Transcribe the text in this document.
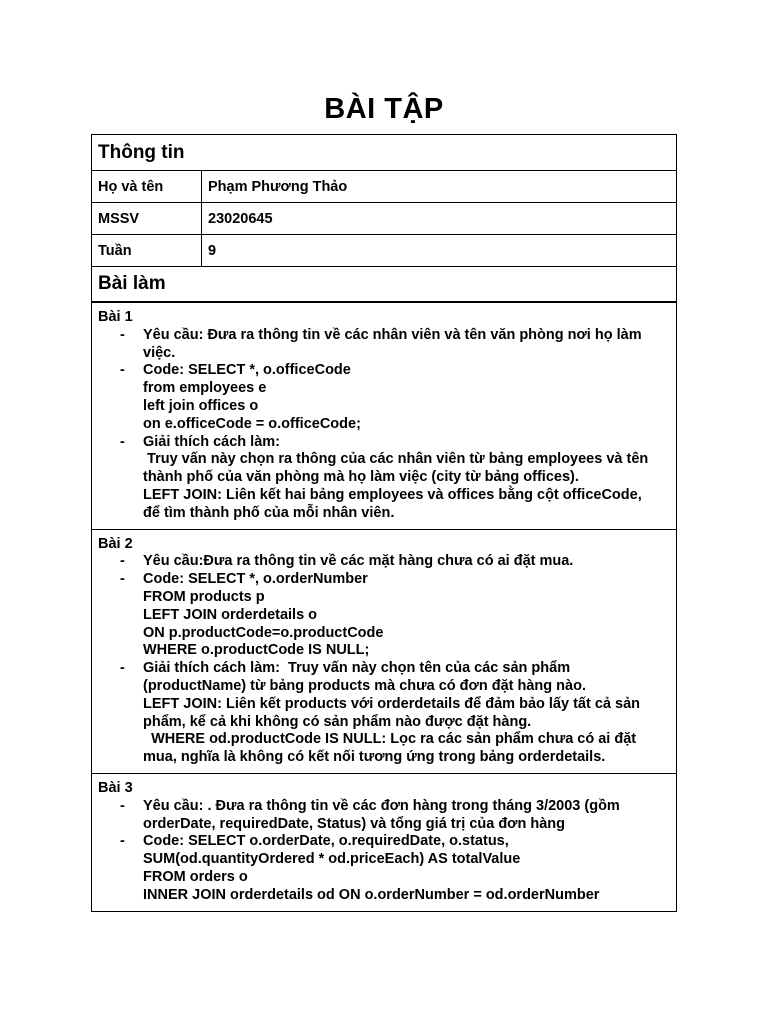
BÀI TẬP
Thông tin
Họ và tên	Phạm Phương Thảo
MSSV	23020645
Tuần	9
Bài làm
Bài 1
- Yêu cầu: Đưa ra thông tin về các nhân viên và tên văn phòng nơi họ làm
việc.
- Code: SELECT *, o.officeCode
from employees e
left join offices o
on e.officeCode = o.officeCode;
- Giải thích cách làm:
Truy vấn này chọn ra thông của các nhân viên từ bảng employees và tên
thành phố của văn phòng mà họ làm việc (city từ bảng offices).
LEFT JOIN: Liên kết hai bảng employees và offices bằng cột officeCode,
để tìm thành phố của mỗi nhân viên.
Bài 2
- Yêu cầu:Đưa ra thông tin về các mặt hàng chưa có ai đặt mua.
- Code: SELECT *, o.orderNumber
FROM products p
LEFT JOIN orderdetails o
ON p.productCode=o.productCode
WHERE o.productCode IS NULL;
- Giải thích cách làm:  Truy vấn này chọn tên của các sản phẩm
(productName) từ bảng products mà chưa có đơn đặt hàng nào.
LEFT JOIN: Liên kết products với orderdetails để đảm bảo lấy tất cả sản
phẩm, kể cả khi không có sản phẩm nào được đặt hàng.
WHERE od.productCode IS NULL: Lọc ra các sản phẩm chưa có ai đặt
mua, nghĩa là không có kết nối tương ứng trong bảng orderdetails.
Bài 3
- Yêu cầu: . Đưa ra thông tin về các đơn hàng trong tháng 3/2003 (gồm
orderDate, requiredDate, Status) và tổng giá trị của đơn hàng
- Code: SELECT o.orderDate, o.requiredDate, o.status,
SUM(od.quantityOrdered * od.priceEach) AS totalValue
FROM orders o
INNER JOIN orderdetails od ON o.orderNumber = od.orderNumber
